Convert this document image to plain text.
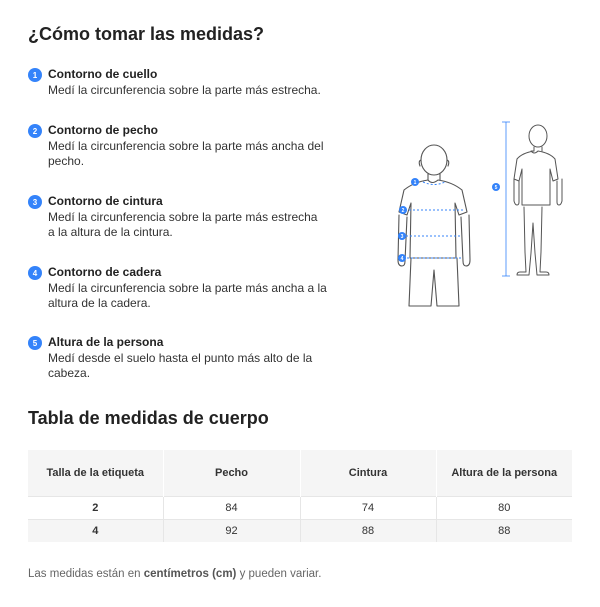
¿Cómo tomar las medidas?
1 Contorno de cuello
Medí la circunferencia sobre la parte más estrecha.
2 Contorno de pecho
Medí la circunferencia sobre la parte más ancha del
pecho.
3 Contorno de cintura
Medí la circunferencia sobre la parte más estrecha
a la altura de la cintura.
4 Contorno de cadera
Medí la circunferencia sobre la parte más ancha a la
altura de la cadera.
5 Altura de la persona
Medí desde el suelo hasta el punto más alto de la
cabeza.
1
2
3
4
5
Tabla de medidas de cuerpo
Talla de la etiqueta	Pecho	Cintura	Altura de la persona
2	84	74	80
4	92	88	88
Las medidas están en centímetros (cm) y pueden variar.
